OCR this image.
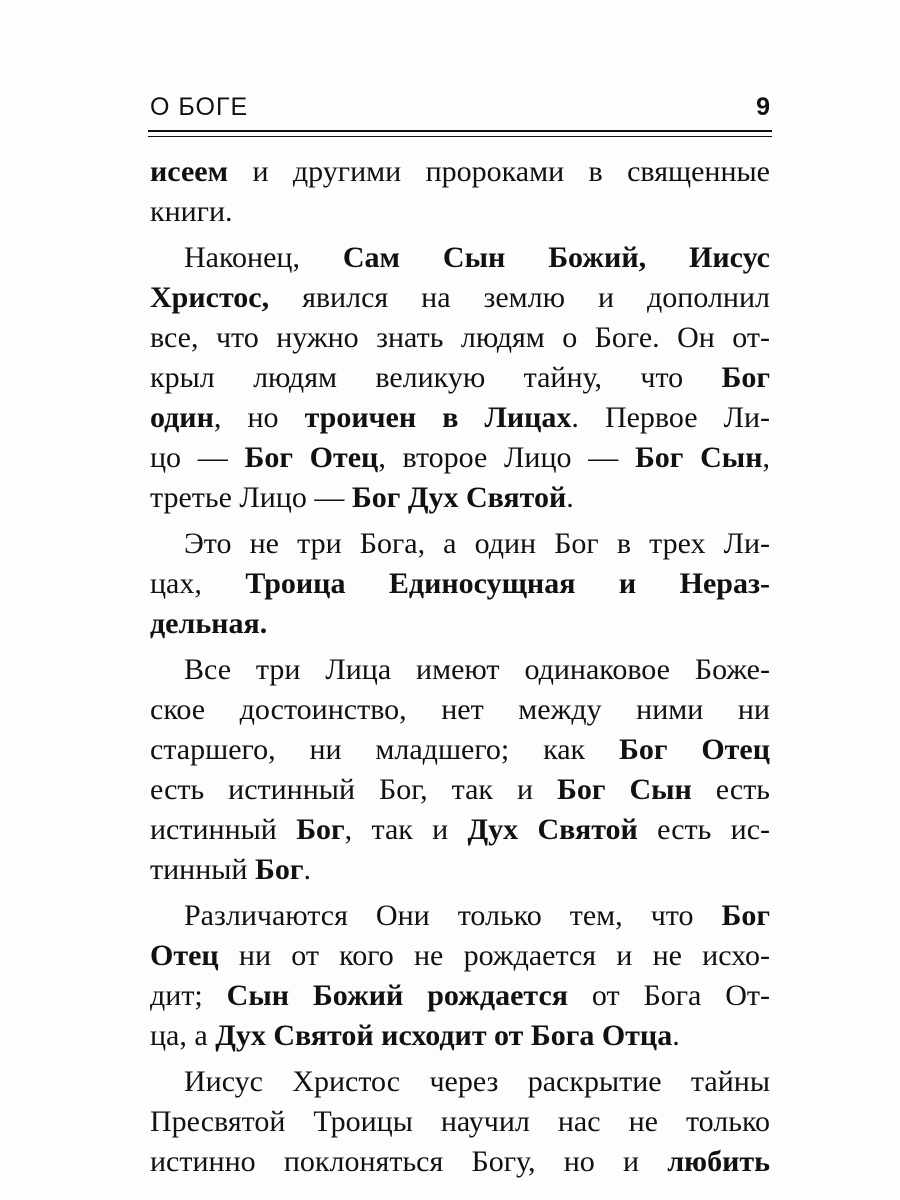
О БОГЕ	9
исеем и другими пророками в священные
книги.
Наконец, Сам Сын Божий, Иисус
Христос, явился на землю и дополнил
все, что нужно знать людям о Боге. Он от-
крыл людям великую тайну, что Бог
один, но троичен в Лицах. Первое Ли-
цо — Бог Отец, второе Лицо — Бог Сын,
третье Лицо — Бог Дух Святой.
Это не три Бога, а один Бог в трех Ли-
цах, Троица Единосущная и Нераз-
дельная.
Все три Лица имеют одинаковое Боже-
ское достоинство, нет между ними ни
старшего, ни младшего; как Бог Отец
есть истинный Бог, так и Бог Сын есть
истинный Бог, так и Дух Святой есть ис-
тинный Бог.
Различаются Они только тем, что Бог
Отец ни от кого не рождается и не исхо-
дит; Сын Божий рождается от Бога От-
ца, а Дух Святой исходит от Бога Отца.
Иисус Христос через раскрытие тайны
Пресвятой Троицы научил нас не только
истинно поклоняться Богу, но и любить
